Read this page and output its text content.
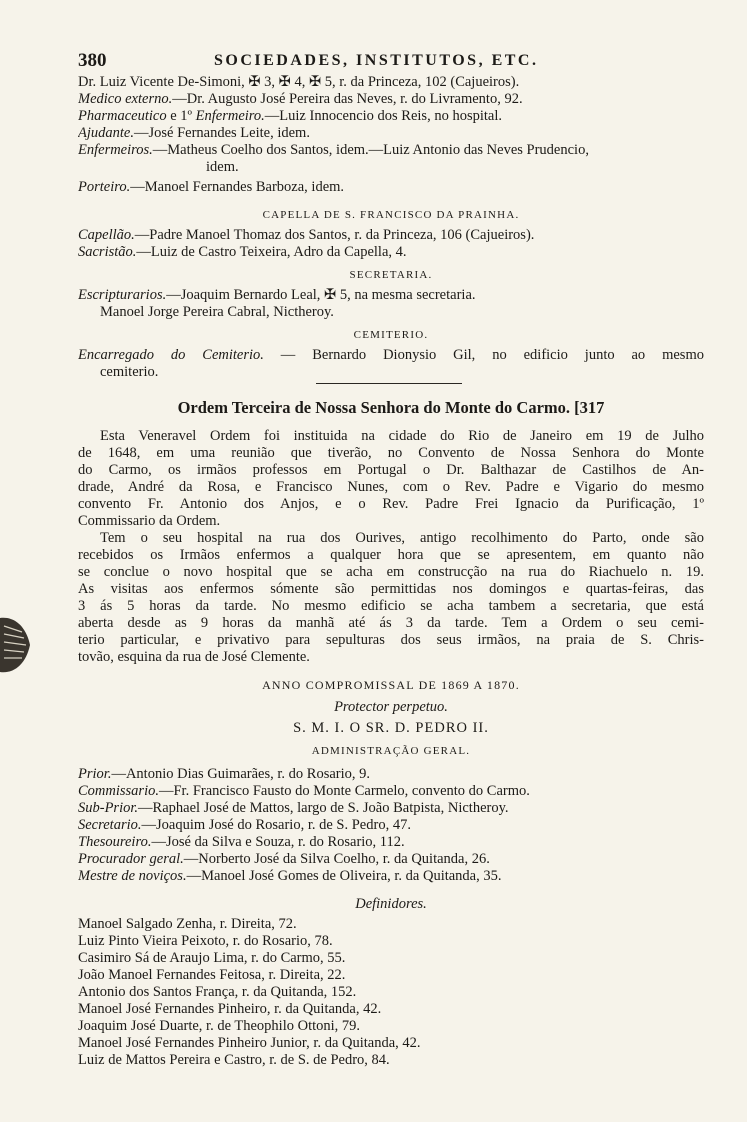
380	SOCIEDADES, INSTITUTOS, ETC.
Dr. Luiz Vicente De-Simoni, ✠ 3, ✠ 4, ✠ 5, r. da Princeza, 102 (Cajueiros).
Medico externo.—Dr. Augusto José Pereira das Neves, r. do Livramento, 92.
Pharmaceutico e 1º Enfermeiro.—Luiz Innocencio dos Reis, no hospital.
Ajudante.—José Fernandes Leite, idem.
Enfermeiros.—Matheus Coelho dos Santos, idem.—Luiz Antonio das Neves Prudencio,
idem.
Porteiro.—Manoel Fernandes Barboza, idem.
CAPELLA DE S. FRANCISCO DA PRAINHA.
Capellão.—Padre Manoel Thomaz dos Santos, r. da Princeza, 106 (Cajueiros).
Sacristão.—Luiz de Castro Teixeira, Adro da Capella, 4.
SECRETARIA.
Escripturarios.—Joaquim Bernardo Leal, ✠ 5, na mesma secretaria.
Manoel Jorge Pereira Cabral, Nictheroy.
CEMITERIO.
Encarregado do Cemiterio. — Bernardo Dionysio Gil, no edificio junto ao mesmo
cemiterio.
Ordem Terceira de Nossa Senhora do Monte do Carmo. [317
Esta Veneravel Ordem foi instituida na cidade do Rio de Janeiro em 19 de Julho
de 1648, em uma reunião que tiverão, no Convento de Nossa Senhora do Monte
do Carmo, os irmãos professos em Portugal o Dr. Balthazar de Castilhos de An-
drade, André da Rosa, e Francisco Nunes, com o Rev. Padre e Vigario do mesmo
convento Fr. Antonio dos Anjos, e o Rev. Padre Frei Ignacio da Purificação, 1º
Commissario da Ordem.
Tem o seu hospital na rua dos Ourives, antigo recolhimento do Parto, onde são
recebidos os Irmãos enfermos a qualquer hora que se apresentem, em quanto não
se conclue o novo hospital que se acha em construcção na rua do Riachuelo n. 19.
As visitas aos enfermos sómente são permittidas nos domingos e quartas-feiras, das
3 ás 5 horas da tarde. No mesmo edificio se acha tambem a secretaria, que está
aberta desde as 9 horas da manhã até ás 3 da tarde. Tem a Ordem o seu cemi-
terio particular, e privativo para sepulturas dos seus irmãos, na praia de S. Chris-
tovão, esquina da rua de José Clemente.
ANNO COMPROMISSAL DE 1869 A 1870.
Protector perpetuo.
S. M. I. O SR. D. PEDRO II.
ADMINISTRAÇÃO GERAL.
Prior.—Antonio Dias Guimarães, r. do Rosario, 9.
Commissario.—Fr. Francisco Fausto do Monte Carmelo, convento do Carmo.
Sub-Prior.—Raphael José de Mattos, largo de S. João Batpista, Nictheroy.
Secretario.—Joaquim José do Rosario, r. de S. Pedro, 47.
Thesoureiro.—José da Silva e Souza, r. do Rosario, 112.
Procurador geral.—Norberto José da Silva Coelho, r. da Quitanda, 26.
Mestre de noviços.—Manoel José Gomes de Oliveira, r. da Quitanda, 35.
Definidores.
Manoel Salgado Zenha, r. Direita, 72.
Luiz Pinto Vieira Peixoto, r. do Rosario, 78.
Casimiro Sá de Araujo Lima, r. do Carmo, 55.
João Manoel Fernandes Feitosa, r. Direita, 22.
Antonio dos Santos França, r. da Quitanda, 152.
Manoel José Fernandes Pinheiro, r. da Quitanda, 42.
Joaquim José Duarte, r. de Theophilo Ottoni, 79.
Manoel José Fernandes Pinheiro Junior, r. da Quitanda, 42.
Luiz de Mattos Pereira e Castro, r. de S. de Pedro, 84.
